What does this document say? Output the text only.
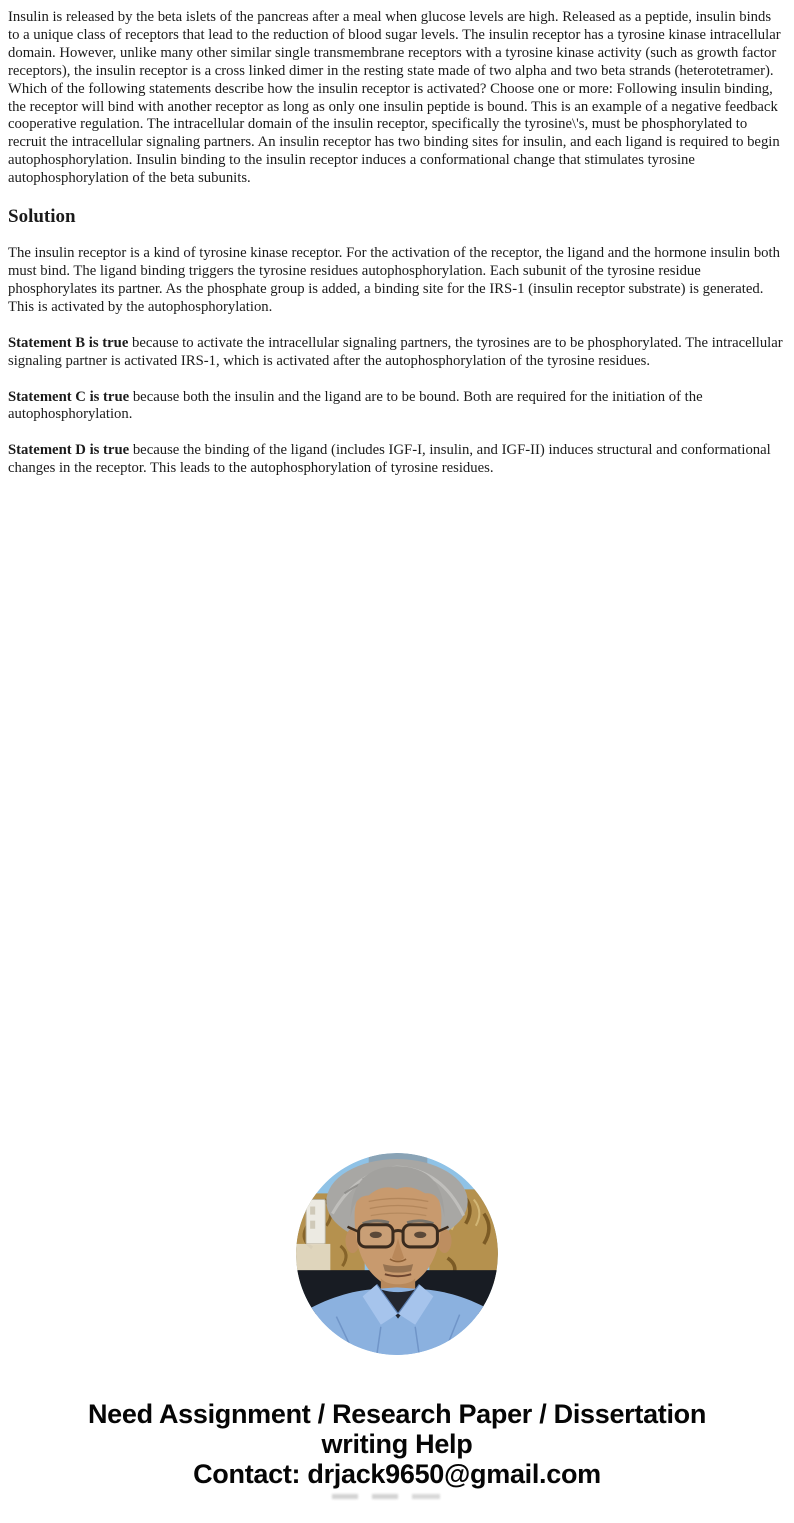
Insulin is released by the beta islets of the pancreas after a meal when glucose levels are high. Released as a peptide, insulin binds to a unique class of receptors that lead to the reduction of blood sugar levels. The insulin receptor has a tyrosine kinase intracellular domain. However, unlike many other similar single transmembrane receptors with a tyrosine kinase activity (such as growth factor receptors), the insulin receptor is a cross linked dimer in the resting state made of two alpha and two beta strands (heterotetramer). Which of the following statements describe how the insulin receptor is activated? Choose one or more: Following insulin binding, the receptor will bind with another receptor as long as only one insulin peptide is bound. This is an example of a negative feedback cooperative regulation. The intracellular domain of the insulin receptor, specifically the tyrosine\'s, must be phosphorylated to recruit the intracellular signaling partners. An insulin receptor has two binding sites for insulin, and each ligand is required to begin autophosphorylation. Insulin binding to the insulin receptor induces a conformational change that stimulates tyrosine autophosphorylation of the beta subunits.

Solution

The insulin receptor is a kind of tyrosine kinase receptor. For the activation of the receptor, the ligand and the hormone insulin both must bind. The ligand binding triggers the tyrosine residues autophosphorylation. Each subunit of the tyrosine residue phosphorylates its partner. As the phosphate group is added, a binding site for the IRS-1 (insulin receptor substrate) is generated. This is activated by the autophosphorylation.

Statement B is true because to activate the intracellular signaling partners, the tyrosines are to be phosphorylated. The intracellular signaling partner is activated IRS-1, which is activated after the autophosphorylation of the tyrosine residues.

Statement C is true because both the insulin and the ligand are to be bound. Both are required for the initiation of the autophosphorylation.

Statement D is true because the binding of the ligand (includes IGF-I, insulin, and IGF-II) induces structural and conformational changes in the receptor. This leads to the autophosphorylation of tyrosine residues.

Need Assignment / Research Paper / Dissertation
writing Help
Contact: drjack9650@gmail.com
